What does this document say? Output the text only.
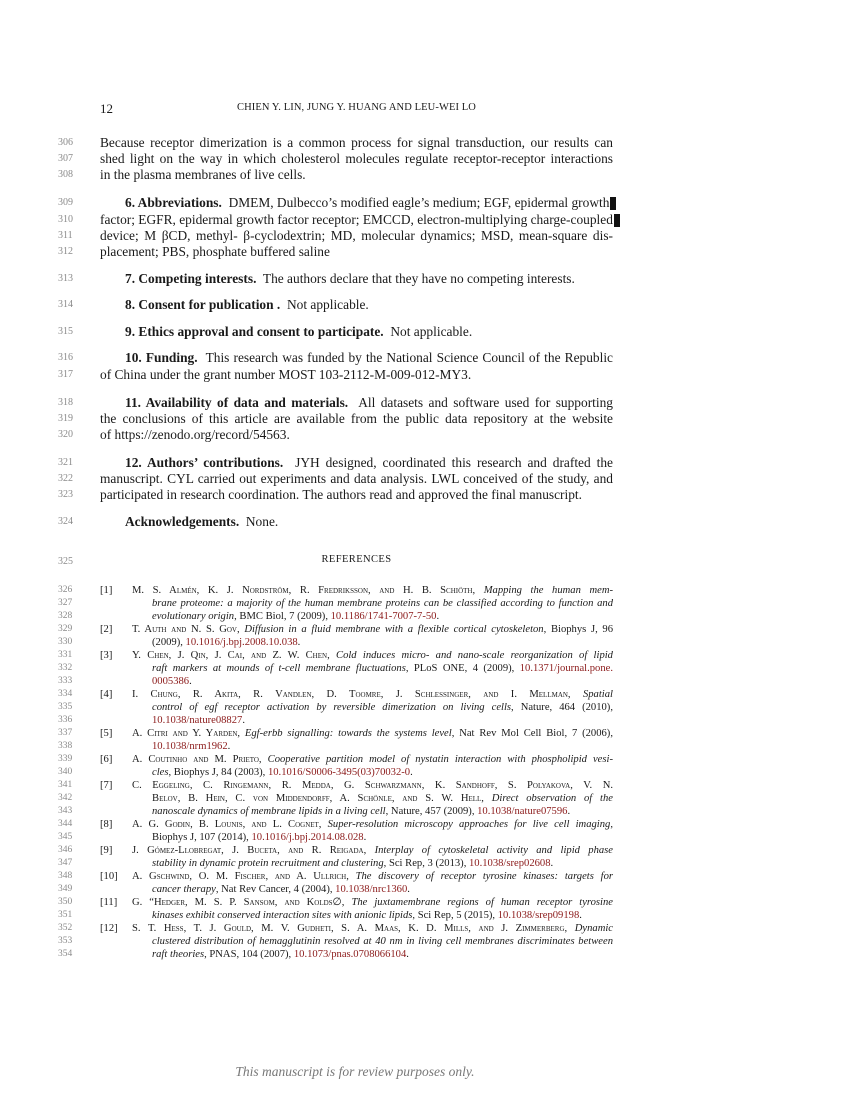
12	CHIEN Y. LIN, JUNG Y. HUANG AND LEU-WEI LO
306	Because receptor dimerization is a common process for signal transduction, our results can
307	shed light on the way in which cholesterol molecules regulate receptor-receptor interactions
308	in the plasma membranes of live cells.
309	6. Abbreviations. DMEM, Dulbecco’s modified eagle’s medium; EGF, epidermal growth
310	factor; EGFR, epidermal growth factor receptor; EMCCD, electron-multiplying charge-coupled
311	device; M βCD, methyl- β-cyclodextrin; MD, molecular dynamics; MSD, mean-square dis-
312	placement; PBS, phosphate buffered saline
313	7. Competing interests. The authors declare that they have no competing interests.
314	8. Consent for publication . Not applicable.
315	9. Ethics approval and consent to participate. Not applicable.
316	10. Funding. This research was funded by the National Science Council of the Republic
317	of China under the grant number MOST 103-2112-M-009-012-MY3.
318	11. Availability of data and materials. All datasets and software used for supporting
319	the conclusions of this article are available from the public data repository at the website
320	of https://zenodo.org/record/54563.
321	12. Authors’ contributions. JYH designed, coordinated this research and drafted the
322	manuscript. CYL carried out experiments and data analysis. LWL conceived of the study, and
323	participated in research coordination. The authors read and approved the final manuscript.
324	Acknowledgements. None.
325	REFERENCES
326
327
328
[1] M. S. Almén, K. J. Nordström, R. Fredriksson, and H. B. Schiöth, Mapping the human mem-
brane proteome: a majority of the human membrane proteins can be classified according to function and
evolutionary origin, BMC Biol, 7 (2009), 10.1186/1741-7007-7-50.
329
330
[2] T. Auth and N. S. Gov, Diffusion in a fluid membrane with a flexible cortical cytoskeleton, Biophys J, 96
(2009), 10.1016/j.bpj.2008.10.038.
331
332
333
[3] Y. Chen, J. Qin, J. Cai, and Z. W. Chen, Cold induces micro- and nano-scale reorganization of lipid
raft markers at mounds of t-cell membrane fluctuations, PLoS ONE, 4 (2009), 10.1371/journal.pone.
0005386.
334
335
336
[4] I. Chung, R. Akita, R. Vandlen, D. Toomre, J. Schlessinger, and I. Mellman, Spatial
control of egf receptor activation by reversible dimerization on living cells, Nature, 464 (2010),
10.1038/nature08827.
337
338
[5] A. Citri and Y. Yarden, Egf-erbb signalling: towards the systems level, Nat Rev Mol Cell Biol, 7 (2006),
10.1038/nrm1962.
339
340
[6] A. Coutinho and M. Prieto, Cooperative partition model of nystatin interaction with phospholipid vesi-
cles, Biophys J, 84 (2003), 10.1016/S0006-3495(03)70032-0.
341
342
343
[7] C. Eggeling, C. Ringemann, R. Medda, G. Schwarzmann, K. Sandhoff, S. Polyakova, V. N.
Belov, B. Hein, C. von Middendorff, A. Schönle, and S. W. Hell, Direct observation of the
nanoscale dynamics of membrane lipids in a living cell, Nature, 457 (2009), 10.1038/nature07596.
344
345
[8] A. G. Godin, B. Lounis, and L. Cognet, Super-resolution microscopy approaches for live cell imaging,
Biophys J, 107 (2014), 10.1016/j.bpj.2014.08.028.
346
347
[9] J. Gómez-Llobregat, J. Buceta, and R. Reigada, Interplay of cytoskeletal activity and lipid phase
stability in dynamic protein recruitment and clustering, Sci Rep, 3 (2013), 10.1038/srep02608.
348
349
[10] A. Gschwind, O. M. Fischer, and A. Ullrich, The discovery of receptor tyrosine kinases: targets for
cancer therapy, Nat Rev Cancer, 4 (2004), 10.1038/nrc1360.
350
351
[11] G. “Hedger, M. S. P. Sansom, and Kolds∅, The juxtamembrane regions of human receptor tyrosine
kinases exhibit conserved interaction sites with anionic lipids, Sci Rep, 5 (2015), 10.1038/srep09198.
352
353
354
[12] S. T. Hess, T. J. Gould, M. V. Gudheti, S. A. Maas, K. D. Mills, and J. Zimmerberg, Dynamic
clustered distribution of hemagglutinin resolved at 40 nm in living cell membranes discriminates between
raft theories, PNAS, 104 (2007), 10.1073/pnas.0708066104.
This manuscript is for review purposes only.
